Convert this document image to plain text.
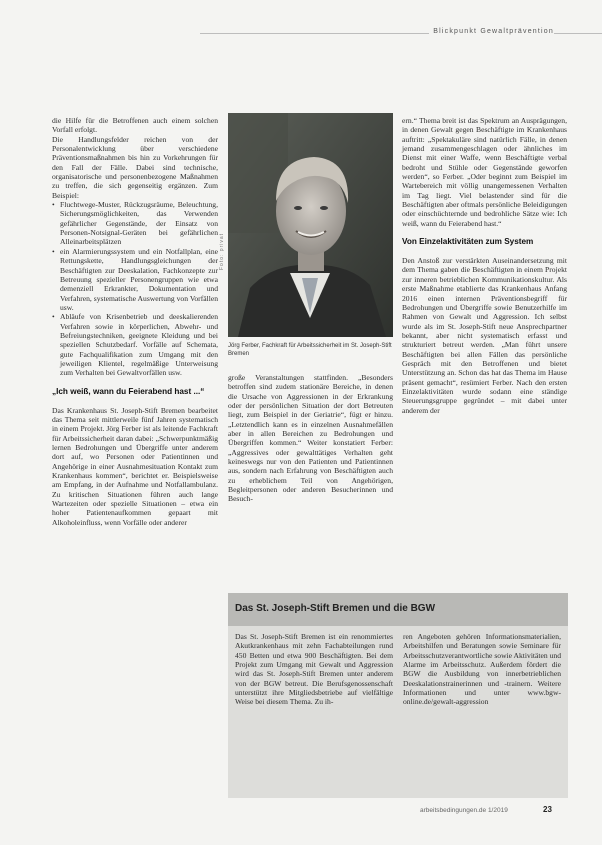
Blickpunkt Gewaltprävention

die Hilfe für die Betroffenen auch einem solchen Vorfall erfolgt.

Die Handlungsfelder reichen von der Personalentwicklung über verschiedene Präventionsmaßnahmen bis hin zu Vorkehrungen für den Fall der Fälle. Dabei sind technische, organisatorische und personenbezogene Maßnahmen zu treffen, die sich gegenseitig ergänzen. Zum Beispiel:

• Fluchtwege-Muster, Rückzugsräume, Beleuchtung, Sicherungsmöglichkeiten, das Verwenden gefährlicher Gegenstände, der Einsatz von Personen-Notsignal-Geräten bei gefährlichen Alleinarbeitsplätzen
• ein Alarmierungssystem und ein Notfallplan, eine Rettungskette, Handlungsgleichungen der Beschäftigten zur Deeskalation, Fachkonzepte zur Betreuung spezieller Personengruppen wie etwa demenziell Erkrankter, Dokumentation und Verfahren, systematische Auswertung von Vorfällen usw.
• Abläufe von Krisenbetrieb und deeskalierenden Verfahren sowie in körperlichen, Abwehr- und Befreiungstechniken, geeignete Kleidung und bei speziellen Schutzbedarf. Vorfälle auf Schemata, gute Fachqualifikation zum Umgang mit den jeweiligen Klientel, regelmäßige Unterweisung zum Verhalten bei Gewaltvorfällen usw.
„Ich weiß, wann du Feierabend hast ...“

Das Krankenhaus St. Joseph-Stift Bremen bearbeitet das Thema seit mittlerweile fünf Jahren systematisch in einem Projekt. Jörg Ferber ist als leitende Fachkraft für Arbeitssicherheit daran dabei: „Schwerpunktmäßig lernen Bedrohungen und Übergriffe unter anderem dort auf, wo Personen oder Patientinnen und Angehörige in einer Ausnahmesituation Kontakt zum Krankenhaus kommen“, berichtet er. Beispielsweise am Empfang, in der Aufnahme und Notfallambulanz. Zu kritischen Situationen führen auch lange Wartezeiten oder spezielle Situationen – etwa ein hoher Patientenaufkommen gepaart mit Alkoholeinfluss, wenn Vorfälle oder anderer

Foto: privat
Jörg Ferber, Fachkraft für Arbeitssicherheit im St. Joseph-Stift Bremen

große Veranstaltungen stattfinden. „Besonders betroffen sind zudem stationäre Bereiche, in denen die Ursache von Aggressionen in der Erkrankung oder der persönlichen Situation der dort Betreuten liegt, zum Beispiel in der Geriatrie“, fügt er hinzu. „Letztendlich kann es in einzelnen Ausnahmefällen aber in allen Bereichen zu Bedrohungen und Übergriffen kommen.“ Weiter konstatiert Ferber: „Aggressives oder gewalttätiges Verhalten geht keineswegs nur von den Patienten und Patientinnen aus, sondern nach Erfahrung von Beschäftigten auch zu erheblichem Teil von Angehörigen, Begleitpersonen oder anderen Besucherinnen und Besuch-

ern.“ Thema breit ist das Spektrum an Ausprägungen, in denen Gewalt gegen Beschäftigte im Krankenhaus auftritt: „Spektakuläre sind natürlich Fälle, in denen jemand zusammengeschlagen oder ähnliches im Dienst mit einer Waffe, wenn Beschäftigte verbal bedroht und Stühle oder Gegenstände geworfen werden“, so Ferber. „Oder beginnt zum Beispiel im Wartebereich mit völlig unangemessenen Verhalten im Tag liegt. Viel belastender sind für die Beschäftigten aber oftmals persönliche Beleidigungen oder einschüchternde und bedrohliche Sätze wie: Ich weiß, wann du Feierabend hast.“

Von Einzelaktivitäten zum System

Den Anstoß zur verstärkten Auseinandersetzung mit dem Thema gaben die Beschäftigten in einem Projekt zur inneren betrieblichen Kommunikationskultur. Als erste Maßnahme etablierte das Krankenhaus Anfang 2016 einen internen Präventionsbegriff für Bedrohungen und Übergriffe sowie Benutzerhilfe im Rahmen von Gewalt und Aggression. Ich selbst wurde als im St. Joseph-Stift neue Ansprechpartner bekannt, aber nicht systematisch erfasst und strukturiert betreut werden. „Man führt unsere Beschäftigten bei allen Fällen das persönliche Gespräch mit den Betroffenen und bietet Unterstützung an. Schon das hat das Thema im Hause präsent gemacht“, resümiert Ferber. Nach den ersten Einzelaktivitäten wurde sodann eine ständige Steuerungsgruppe gegründet – mit dabei unter anderem der

Das St. Joseph-Stift Bremen und die BGW
Das St. Joseph-Stift Bremen ist ein renommiertes Akutkrankenhaus mit zehn Fachabteilungen rund 450 Betten und etwa 900 Beschäftigten. Bei dem Projekt zum Umgang mit Gewalt und Aggression wird das St. Joseph-Stift Bremen unter anderem von der BGW betreut. Die Berufsgenossenschaft unterstützt ihre Mitgliedsbetriebe auf vielfältige Weise bei diesem Thema. Zu ih-
ren Angeboten gehören Informationsmaterialien, Arbeitshilfen und Beratungen sowie Seminare für Arbeitsschutzverantwortliche sowie Aktivitäten und Alarme im Arbeitsschutz. Außerdem fördert die BGW die Ausbildung von innerbetrieblichen Deeskalationstrainerinnen und -trainern. Weitere Informationen und unter www.bgw-online.de/gewalt-aggression
arbeitsbedingungen.de 1/2019	23
